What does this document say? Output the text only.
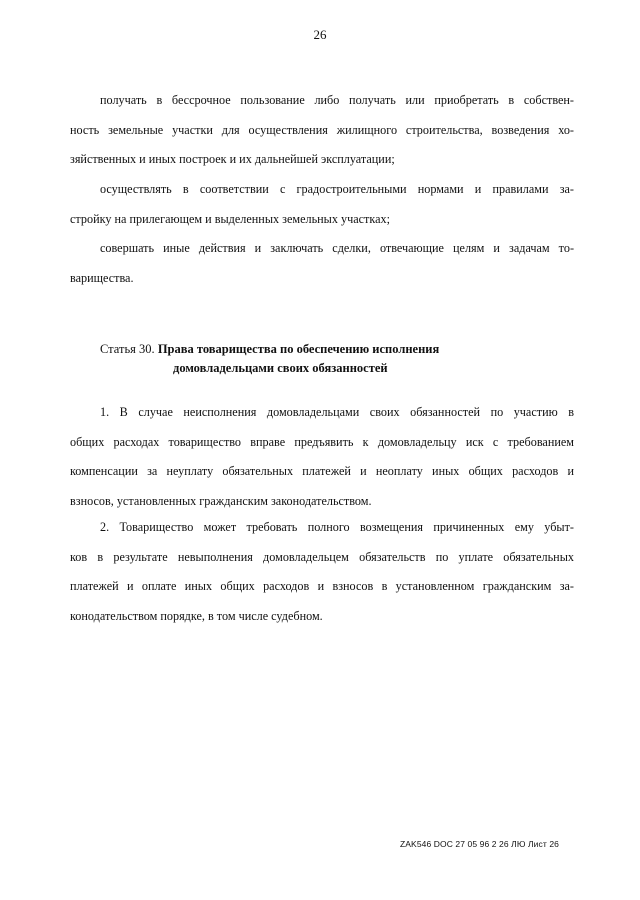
26

получать в бессрочное пользование либо получать или приобретать в собствен-
ность земельные участки для осуществления жилищного строительства, возведения хо-
зяйственных и иных построек и их дальнейшей эксплуатации;

осуществлять в соответствии с градостроительными нормами и правилами за-
стройку на прилегающем и выделенных земельных участках;

совершать иные действия и заключать сделки, отвечающие целям и задачам то-
варищества.

Статья 30. Права товарищества по обеспечению исполнения
домовладельцами своих обязанностей

1. В случае неисполнения домовладельцами своих обязанностей по участию в
общих расходах товарищество вправе предъявить к домовладельцу иск с требованием
компенсации за неуплату обязательных платежей и неоплату иных общих расходов и
взносов, установленных гражданским законодательством.

2. Товарищество может требовать полного возмещения причиненных ему убыт-
ков в результате невыполнения домовладельцем обязательств по уплате обязательных
платежей и оплате иных общих расходов и взносов в установленном гражданским за-
конодательством порядке, в том числе судебном.

ZAK546 DOC 27 05 96 2 26 ЛЮ Лист 26
